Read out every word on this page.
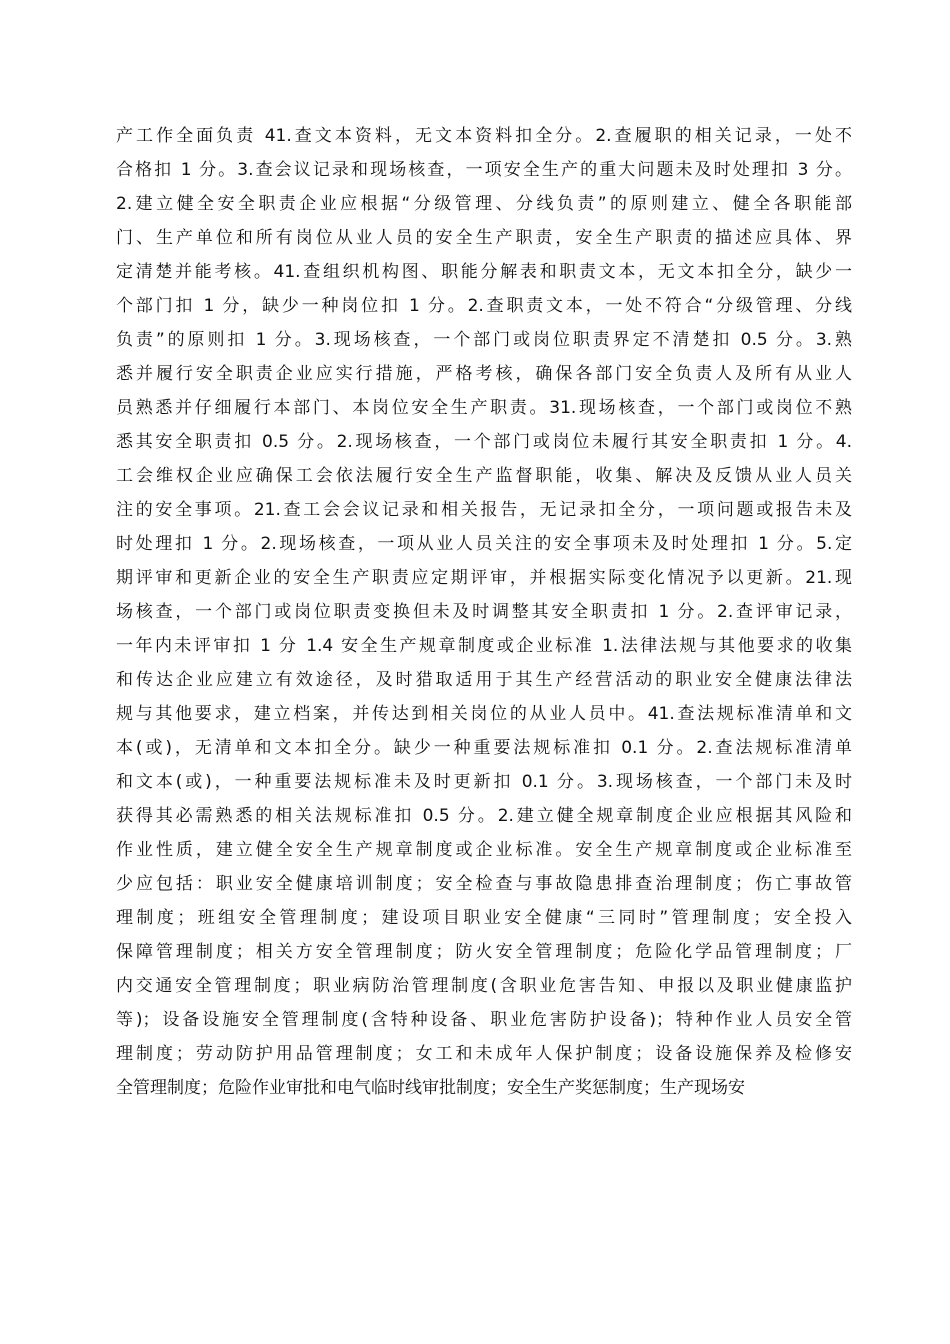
产工作全面负责 41.查文本资料，无文本资料扣全分。2.查履职的相关记录，一处不
合格扣 1 分。3.查会议记录和现场核查，一项安全生产的重大问题未及时处理扣 3 分。
2.建立健全安全职责企业应根据“分级管理、分线负责”的原则建立、健全各职能部
门、生产单位和所有岗位从业人员的安全生产职责，安全生产职责的描述应具体、界
定清楚并能考核。41.查组织机构图、职能分解表和职责文本，无文本扣全分，缺少一
个部门扣 1 分，缺少一种岗位扣 1 分。2.查职责文本，一处不符合“分级管理、分线
负责”的原则扣 1 分。3.现场核查，一个部门或岗位职责界定不清楚扣 0.5 分。3.熟
悉并履行安全职责企业应实行措施，严格考核，确保各部门安全负责人及所有从业人
员熟悉并仔细履行本部门、本岗位安全生产职责。31.现场核查，一个部门或岗位不熟
悉其安全职责扣 0.5 分。2.现场核查，一个部门或岗位未履行其安全职责扣 1 分。4.
工会维权企业应确保工会依法履行安全生产监督职能，收集、解决及反馈从业人员关
注的安全事项。21.查工会会议记录和相关报告，无记录扣全分，一项问题或报告未及
时处理扣 1 分。2.现场核查，一项从业人员关注的安全事项未及时处理扣 1 分。5.定
期评审和更新企业的安全生产职责应定期评审，并根据实际变化情况予以更新。21.现
场核查，一个部门或岗位职责变换但未及时调整其安全职责扣 1 分。2.查评审记录，
一年内未评审扣 1 分 1.4 安全生产规章制度或企业标准 1.法律法规与其他要求的收集
和传达企业应建立有效途径，及时猎取适用于其生产经营活动的职业安全健康法律法
规与其他要求，建立档案，并传达到相关岗位的从业人员中。41.查法规标准清单和文
本(或)，无清单和文本扣全分。缺少一种重要法规标准扣 0.1 分。2.查法规标准清单
和文本(或)，一种重要法规标准未及时更新扣 0.1 分。3.现场核查，一个部门未及时
获得其必需熟悉的相关法规标准扣 0.5 分。2.建立健全规章制度企业应根据其风险和
作业性质，建立健全安全生产规章制度或企业标准。安全生产规章制度或企业标准至
少应包括：职业安全健康培训制度；安全检查与事故隐患排查治理制度；伤亡事故管
理制度；班组安全管理制度；建设项目职业安全健康“三同时”管理制度；安全投入
保障管理制度；相关方安全管理制度；防火安全管理制度；危险化学品管理制度；厂
内交通安全管理制度；职业病防治管理制度(含职业危害告知、申报以及职业健康监护
等)；设备设施安全管理制度(含特种设备、职业危害防护设备)；特种作业人员安全管
理制度；劳动防护用品管理制度；女工和未成年人保护制度；设备设施保养及检修安
全管理制度；危险作业审批和电气临时线审批制度；安全生产奖惩制度；生产现场安
